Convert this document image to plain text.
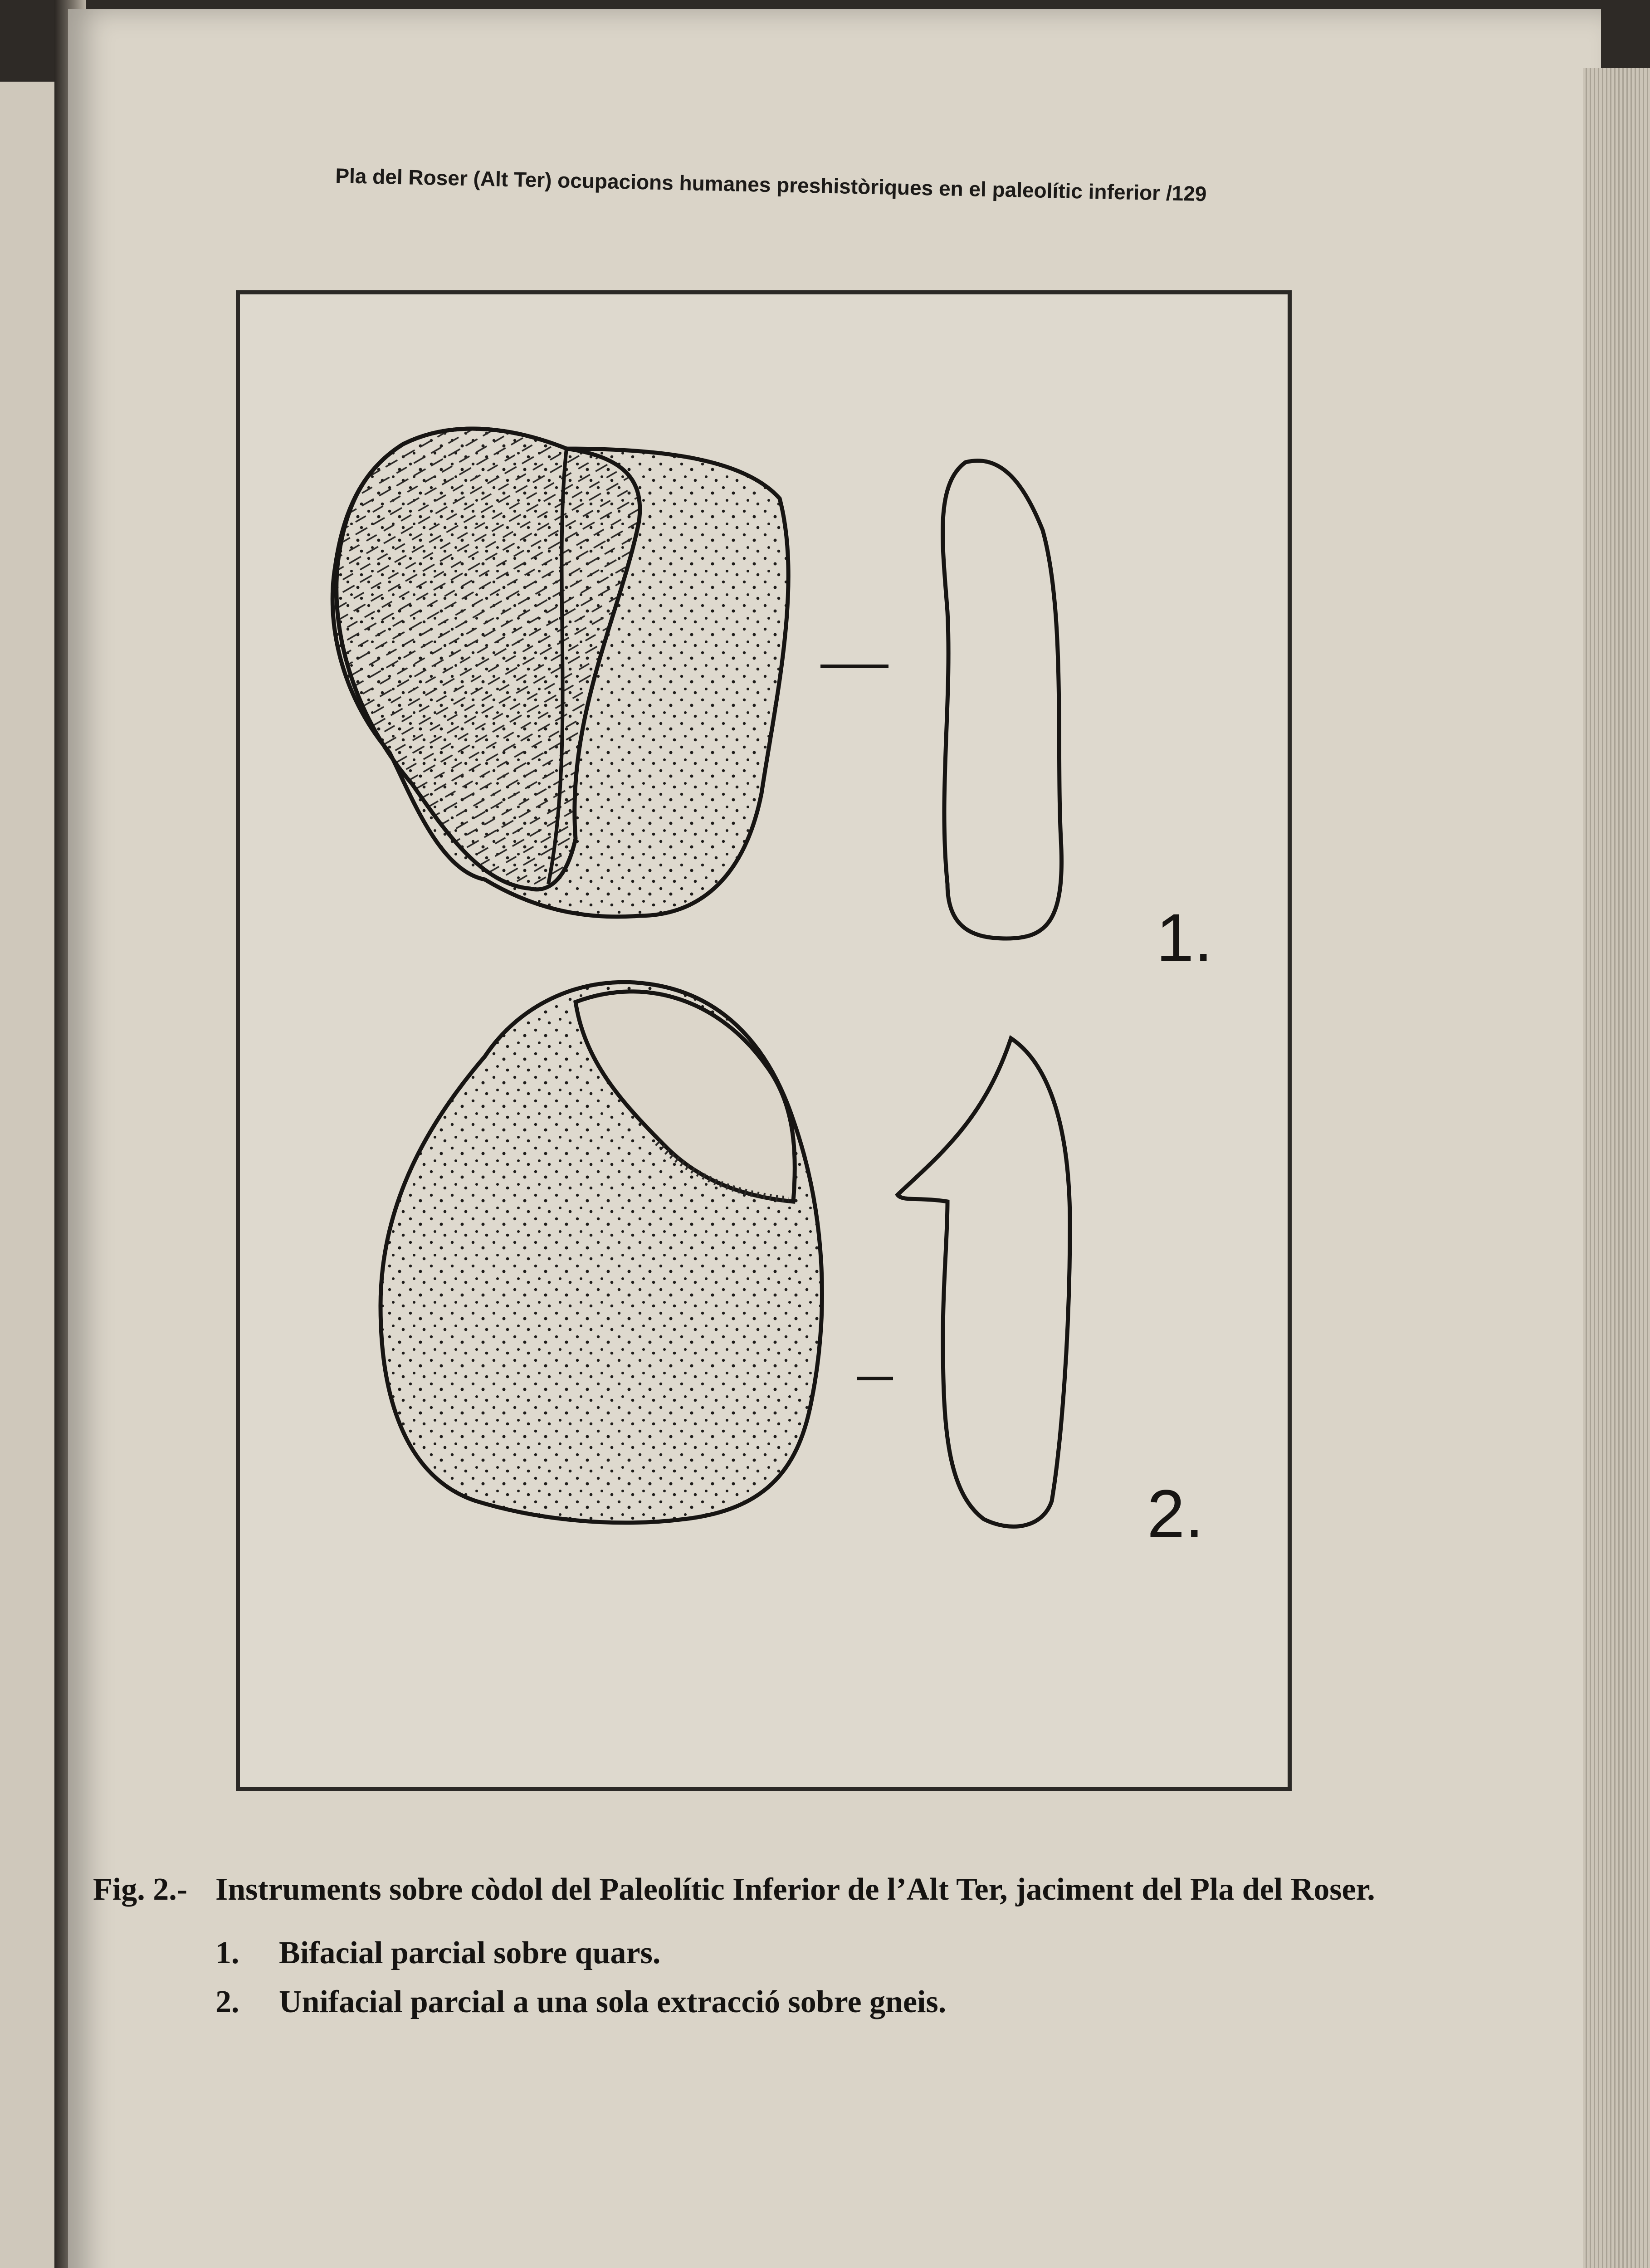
Pla del Roser (Alt Ter) ocupacions humanes preshistòriques en el paleolític inferior /129
1.
2.
Fig. 2.- Instruments sobre còdol del Paleolític Inferior de l’Alt Ter, jaciment del Pla del Roser.
1.	Bifacial parcial sobre quars.
2.	Unifacial parcial a una sola extracció sobre gneis.
